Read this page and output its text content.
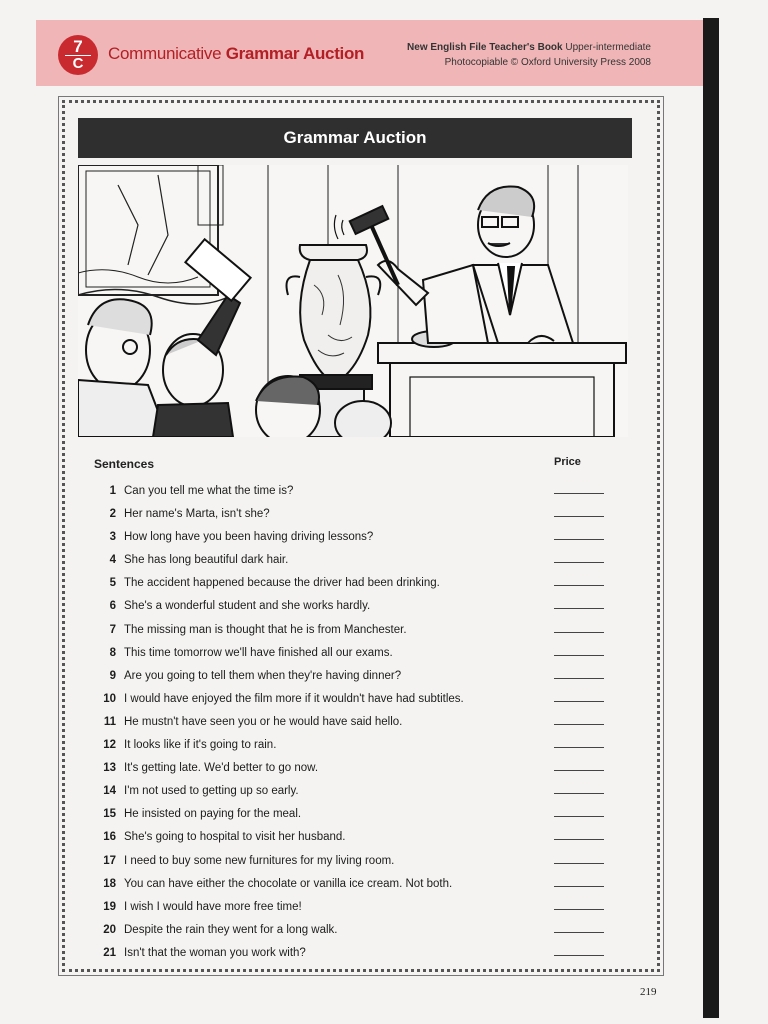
7
C	Communicative Grammar Auction	New English File Teacher's Book Upper-intermediate
Photocopiable © Oxford University Press 2008
Grammar Auction
Sentences	Price
1 Can you tell me what the time is?
2 Her name's Marta, isn't she?
3 How long have you been having driving lessons?
4 She has long beautiful dark hair.
5 The accident happened because the driver had been drinking.
6 She's a wonderful student and she works hardly.
7 The missing man is thought that he is from Manchester.
8 This time tomorrow we'll have finished all our exams.
9 Are you going to tell them when they're having dinner?
10 I would have enjoyed the film more if it wouldn't have had subtitles.
11 He mustn't have seen you or he would have said hello.
12 It looks like if it's going to rain.
13 It's getting late. We'd better to go now.
14 I'm not used to getting up so early.
15 He insisted on paying for the meal.
16 She's going to hospital to visit her husband.
17 I need to buy some new furnitures for my living room.
18 You can have either the chocolate or vanilla ice cream. Not both.
19 I wish I would have more free time!
20 Despite the rain they went for a long walk.
21 Isn't that the woman you work with?
219
